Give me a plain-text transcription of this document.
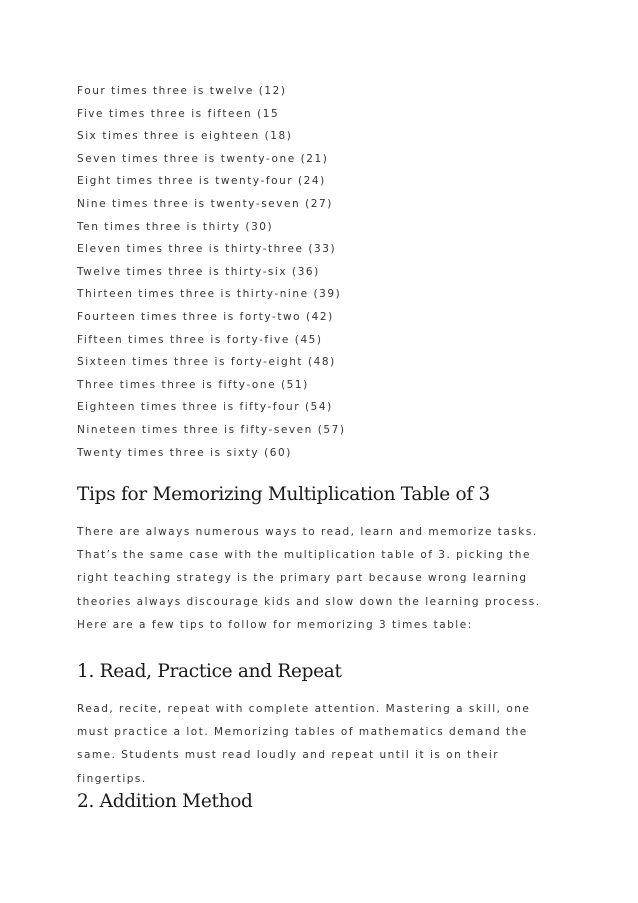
Four times three is twelve (12)
Five times three is fifteen (15
Six times three is eighteen (18)
Seven times three is twenty-one (21)
Eight times three is twenty-four (24)
Nine times three is twenty-seven (27)
Ten times three is thirty (30)
Eleven times three is thirty-three (33)
Twelve times three is thirty-six (36)
Thirteen times three is thirty-nine (39)
Fourteen times three is forty-two (42)
Fifteen times three is forty-five (45)
Sixteen times three is forty-eight (48)
Three times three is fifty-one (51)
Eighteen times three is fifty-four (54)
Nineteen times three is fifty-seven (57)
Twenty times three is sixty (60)
Tips for Memorizing Multiplication Table of 3

There are always numerous ways to read, learn and memorize tasks. That’s the same case with the multiplication table of 3. picking the right teaching strategy is the primary part because wrong learning theories always discourage kids and slow down the learning process. Here are a few tips to follow for memorizing 3 times table:

1. Read, Practice and Repeat

Read, recite, repeat with complete attention. Mastering a skill, one must practice a lot. Memorizing tables of mathematics demand the same. Students must read loudly and repeat until it is on their fingertips.

2. Addition Method
